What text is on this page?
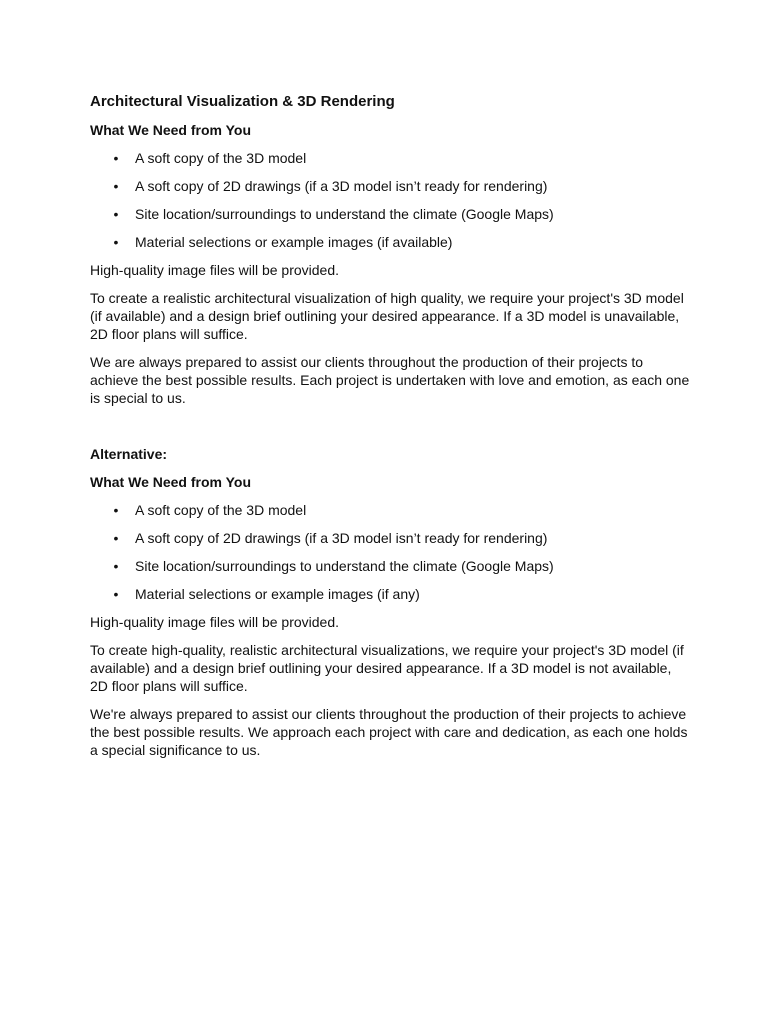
Architectural Visualization & 3D Rendering
What We Need from You
• A soft copy of the 3D model
• A soft copy of 2D drawings (if a 3D model isn’t ready for rendering)
• Site location/surroundings to understand the climate (Google Maps)
• Material selections or example images (if available)
High-quality image files will be provided.
To create a realistic architectural visualization of high quality, we require your project's 3D model (if available) and a design brief outlining your desired appearance. If a 3D model is unavailable, 2D floor plans will suffice.
We are always prepared to assist our clients throughout the production of their projects to achieve the best possible results. Each project is undertaken with love and emotion, as each one is special to us.
Alternative:
What We Need from You
• A soft copy of the 3D model
• A soft copy of 2D drawings (if a 3D model isn’t ready for rendering)
• Site location/surroundings to understand the climate (Google Maps)
• Material selections or example images (if any)
High-quality image files will be provided.
To create high-quality, realistic architectural visualizations, we require your project's 3D model (if available) and a design brief outlining your desired appearance. If a 3D model is not available, 2D floor plans will suffice.
We're always prepared to assist our clients throughout the production of their projects to achieve the best possible results. We approach each project with care and dedication, as each one holds a special significance to us.
